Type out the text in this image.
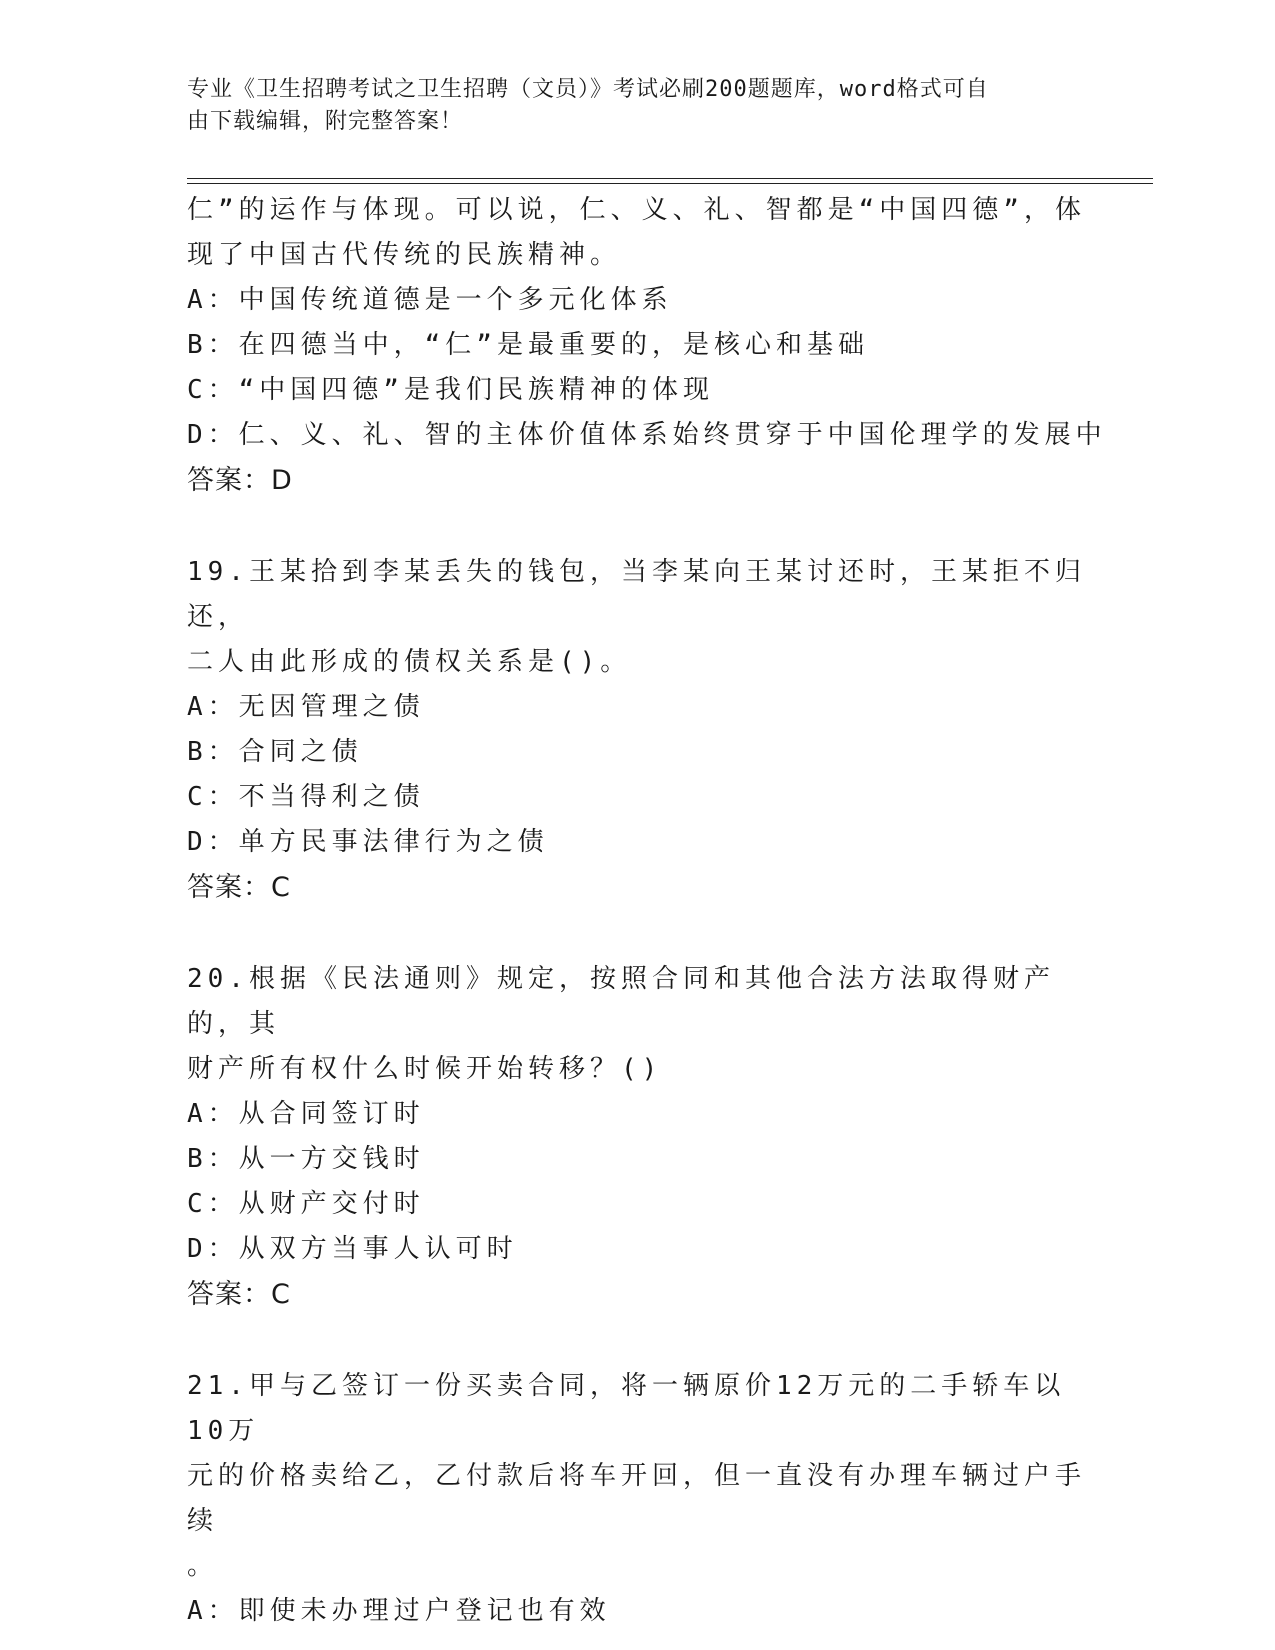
专业《卫生招聘考试之卫生招聘（文员）》考试必刷200题题库，word格式可自
由下载编辑，附完整答案！
仁”的运作与体现。可以说，仁、义、礼、智都是“中国四德”，体
现了中国古代传统的民族精神。
A：中国传统道德是一个多元化体系
B：在四德当中，“仁”是最重要的，是核心和基础
C：“中国四德”是我们民族精神的体现
D：仁、义、礼、智的主体价值体系始终贯穿于中国伦理学的发展中
答案：D
19.王某拾到李某丢失的钱包，当李某向王某讨还时，王某拒不归还，
二人由此形成的债权关系是()。
A：无因管理之债
B：合同之债
C：不当得利之债
D：单方民事法律行为之债
答案：C
20.根据《民法通则》规定，按照合同和其他合法方法取得财产的，其
财产所有权什么时候开始转移？()
A：从合同签订时
B：从一方交钱时
C：从财产交付时
D：从双方当事人认可时
答案：C
21.甲与乙签订一份买卖合同，将一辆原价12万元的二手轿车以10万
元的价格卖给乙，乙付款后将车开回，但一直没有办理车辆过户手续
。
A：即使未办理过户登记也有效
